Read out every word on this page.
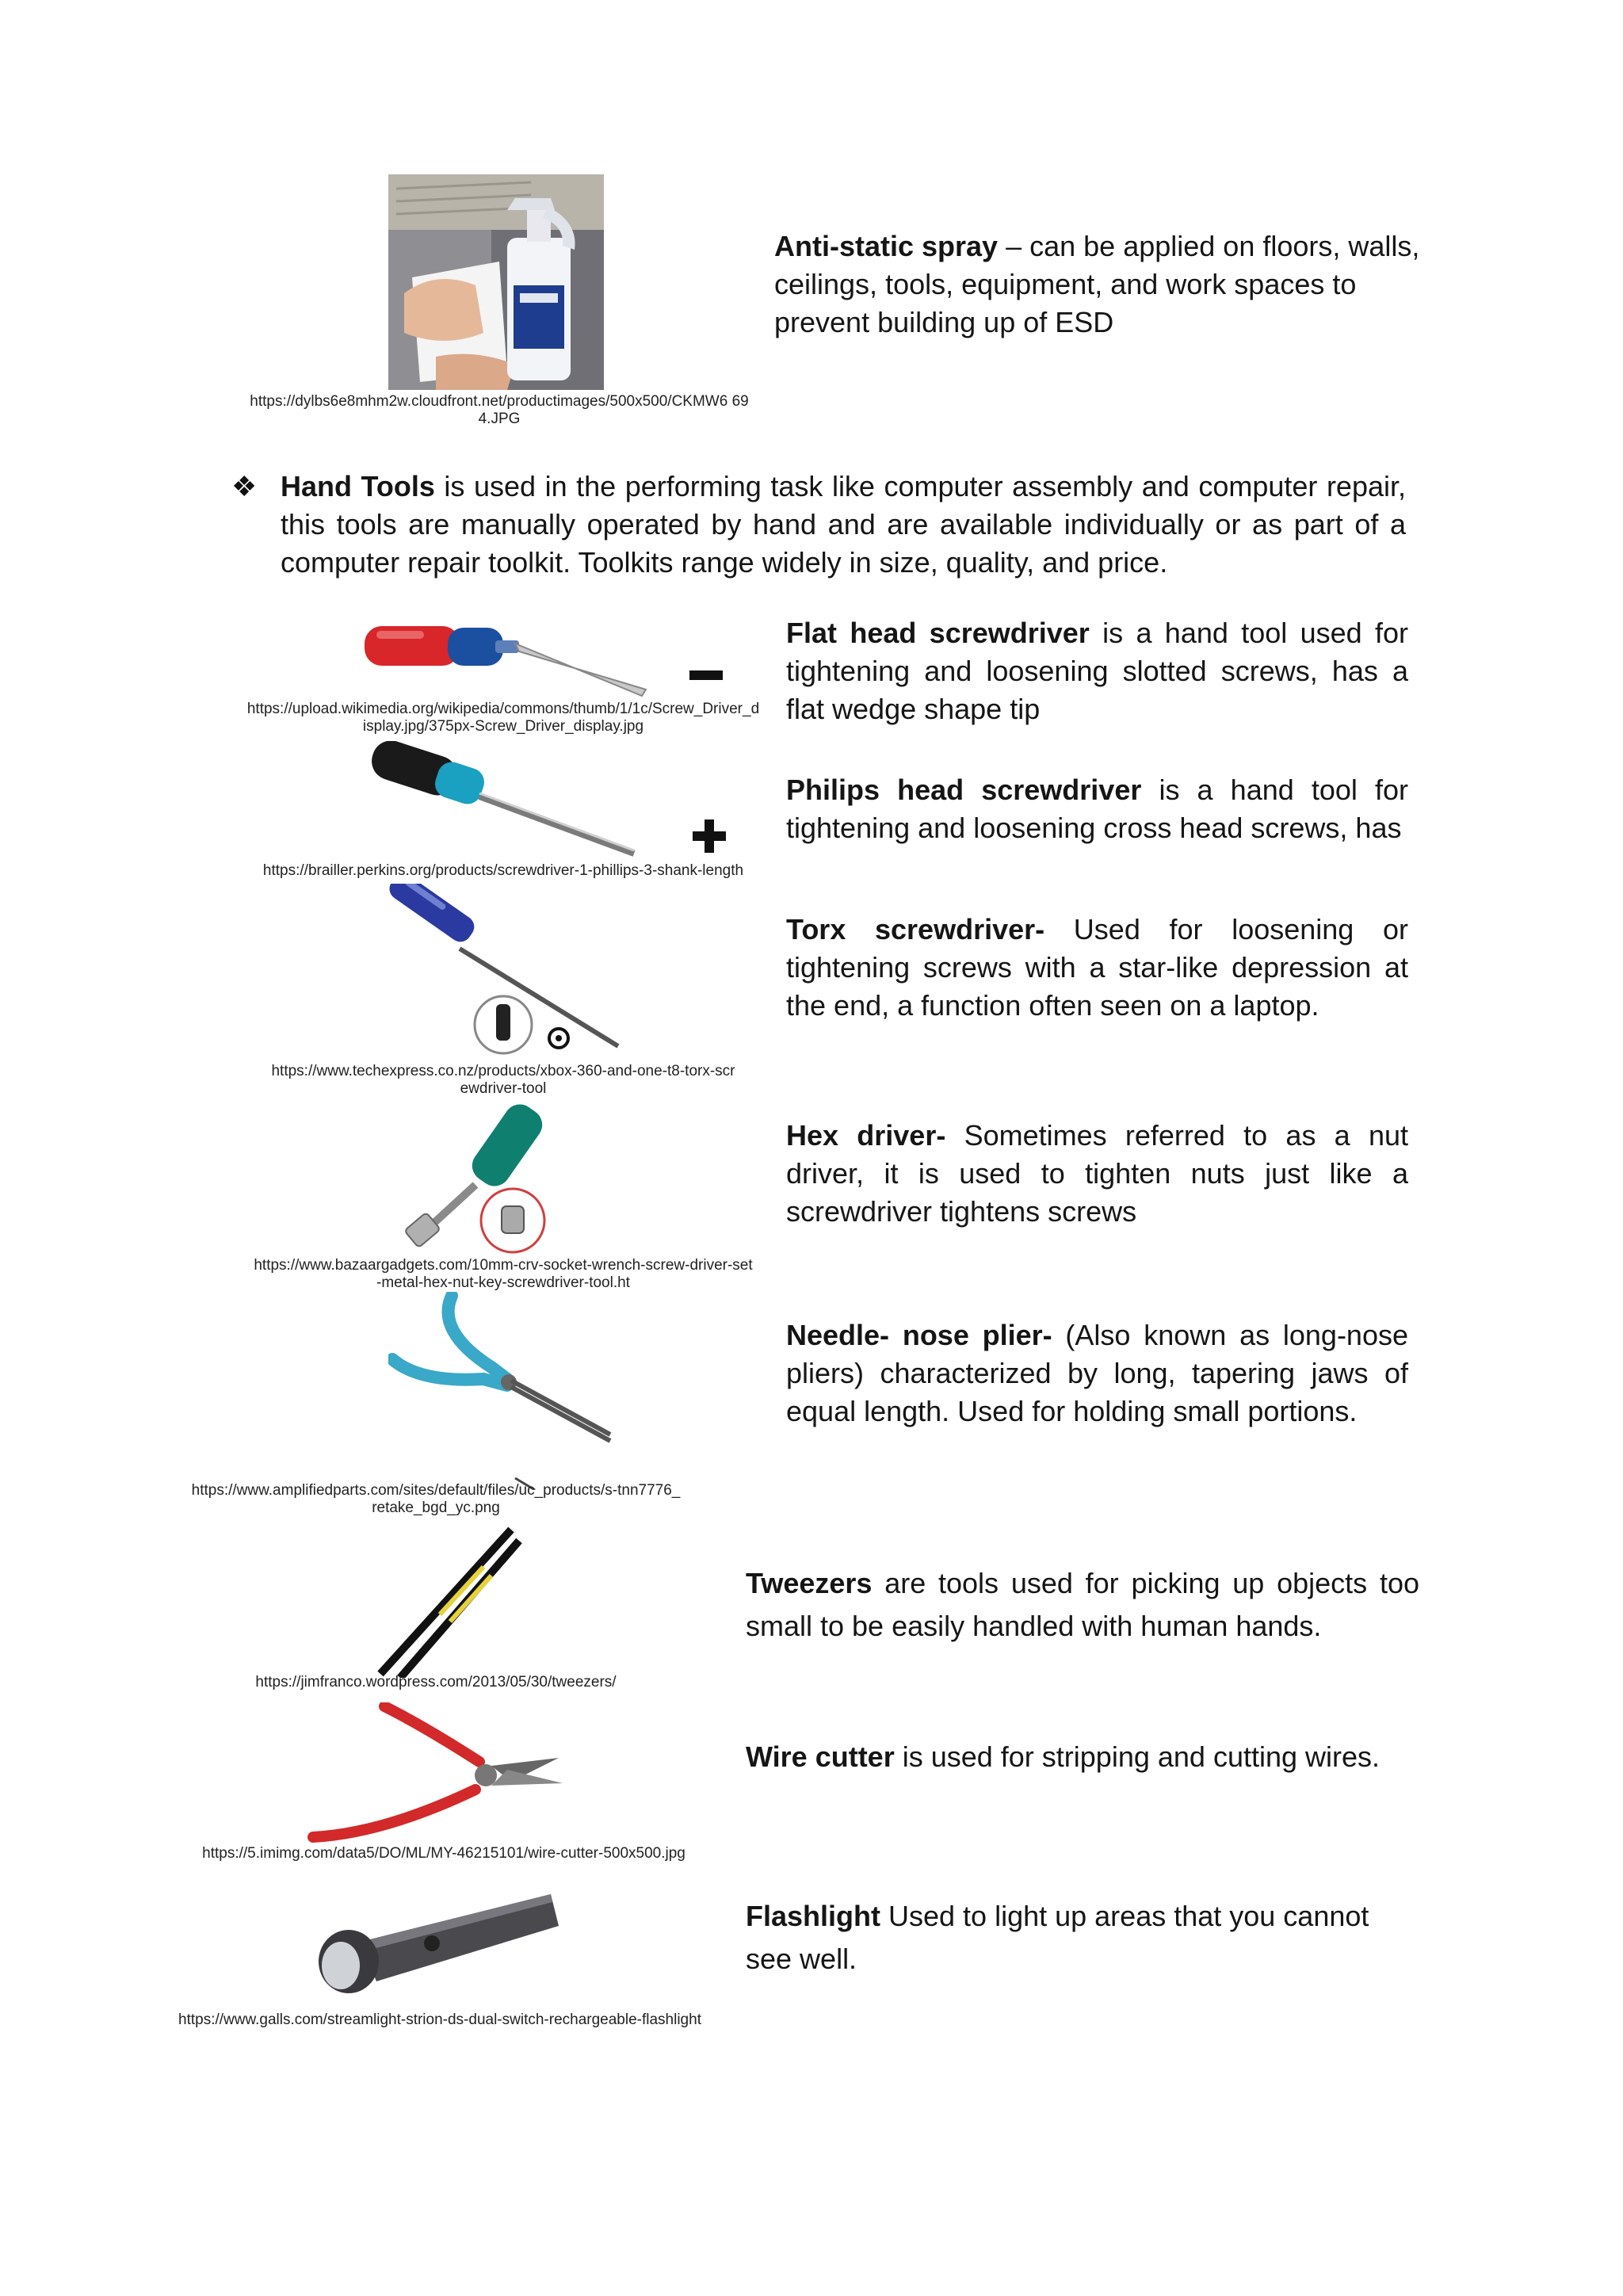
https://dylbs6e8mhm2w.cloudfront.net/productimages/500x500/CKMW6 694.JPG
Anti-static spray – can be applied on floors, walls, ceilings, tools, equipment, and work spaces to prevent building up of ESD
❖ Hand Tools is used in the performing task like computer assembly and computer repair, this tools are manually operated by hand and are available individually or as part of a computer repair toolkit. Toolkits range widely in size, quality, and price.
https://upload.wikimedia.org/wikipedia/commons/thumb/1/1c/Screw_Driver_display.jpg/375px-Screw_Driver_display.jpg
Flat head screwdriver is a hand tool used for tightening and loosening slotted screws, has a flat wedge shape tip
https://brailler.perkins.org/products/screwdriver-1-phillips-3-shank-length
Philips head screwdriver is a hand tool for tightening and loosening cross head screws, has
https://www.techexpress.co.nz/products/xbox-360-and-one-t8-torx-screwdriver-tool
Torx screwdriver- Used for loosening or tightening screws with a star-like depression at the end, a function often seen on a laptop.
https://www.bazaargadgets.com/10mm-crv-socket-wrench-screw-driver-set-metal-hex-nut-key-screwdriver-tool.ht
Hex driver- Sometimes referred to as a nut driver, it is used to tighten nuts just like a screwdriver tightens screws
https://www.amplifiedparts.com/sites/default/files/uc_products/s-tnn7776_retake_bgd_yc.png
Needle- nose plier- (Also known as long-nose pliers) characterized by long, tapering jaws of equal length. Used for holding small portions.
https://jimfranco.wordpress.com/2013/05/30/tweezers/
Tweezers are tools used for picking up objects too small to be easily handled with human hands.
https://5.imimg.com/data5/DO/ML/MY-46215101/wire-cutter-500x500.jpg
Wire cutter is used for stripping and cutting wires.
https://www.galls.com/streamlight-strion-ds-dual-switch-rechargeable-flashlight
Flashlight Used to light up areas that you cannot see well.
